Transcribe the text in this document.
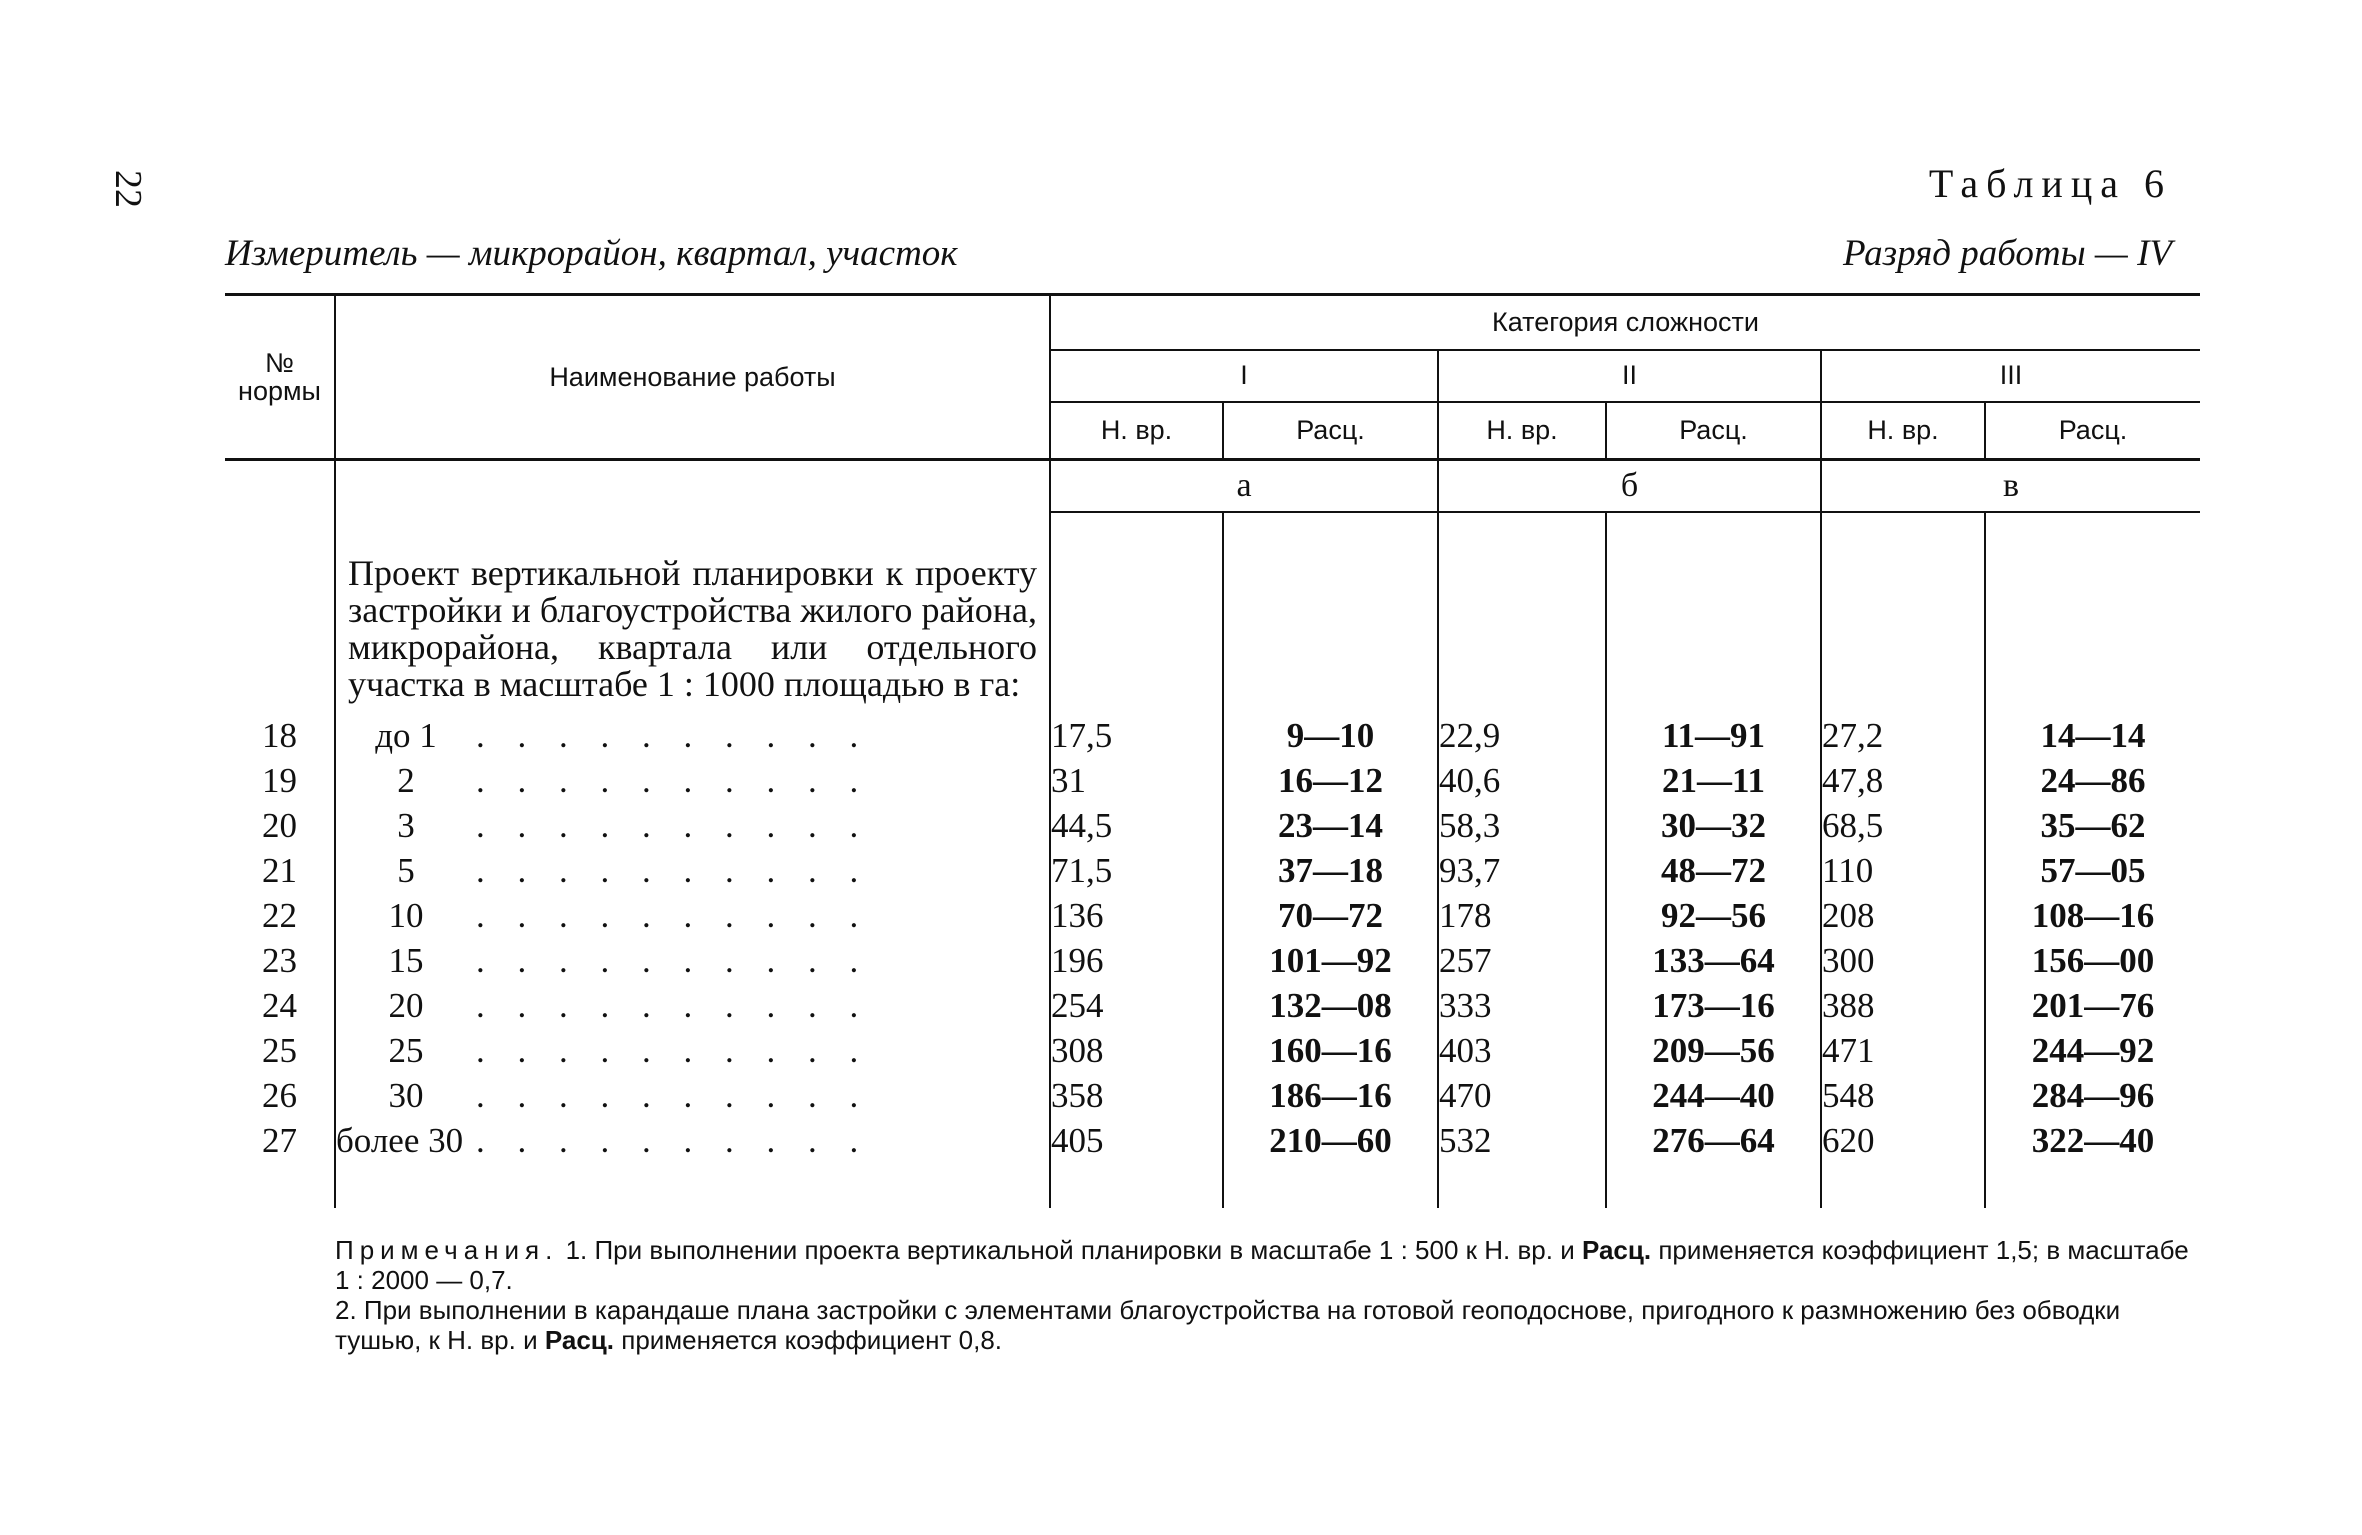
22	Таблица 6
Измеритель — микрорайон, квартал, участок	Разряд работы — IV
№
нормы	Наименование работы	Категория сложности					
		I		II		III	
		Н. вр.	Расц.	Н. вр.	Расц.	Н. вр.	Расц.
		а		б		в	

	Проект вертикальной планировки к проекту застройки и благоустройства жилого района, микрорайона, квартала или отдельного участка в масштабе 1 : 1000 площадью в га:						

18	до 1 . . . . . . . . . .	17,5	9—10	22,9	11—91	27,2	14—14
19	2 . . . . . . . . . .	31	16—12	40,6	21—11	47,8	24—86
20	3 . . . . . . . . . .	44,5	23—14	58,3	30—32	68,5	35—62
21	5 . . . . . . . . . .	71,5	37—18	93,7	48—72	110	57—05
22	10 . . . . . . . . . .	136	70—72	178	92—56	208	108—16
23	15 . . . . . . . . . .	196	101—92	257	133—64	300	156—00
24	20 . . . . . . . . . .	254	132—08	333	173—16	388	201—76
25	25 . . . . . . . . . .	308	160—16	403	209—56	471	244—92
26	30 . . . . . . . . . .	358	186—16	470	244—40	548	284—96
27	более 30 . . . . . . . . . .	405	210—60	532	276—64	620	322—40

Примечания. 1. При выполнении проекта вертикальной планировки в масштабе 1 : 500 к Н. вр. и Расц. применяется коэффициент 1,5; в масштабе 1 : 2000 — 0,7.

2. При выполнении в карандаше плана застройки с элементами благоустройства на готовой геоподоснове, пригодного к размножению без обводки тушью, к Н. вр. и Расц. применяется коэффициент 0,8.
